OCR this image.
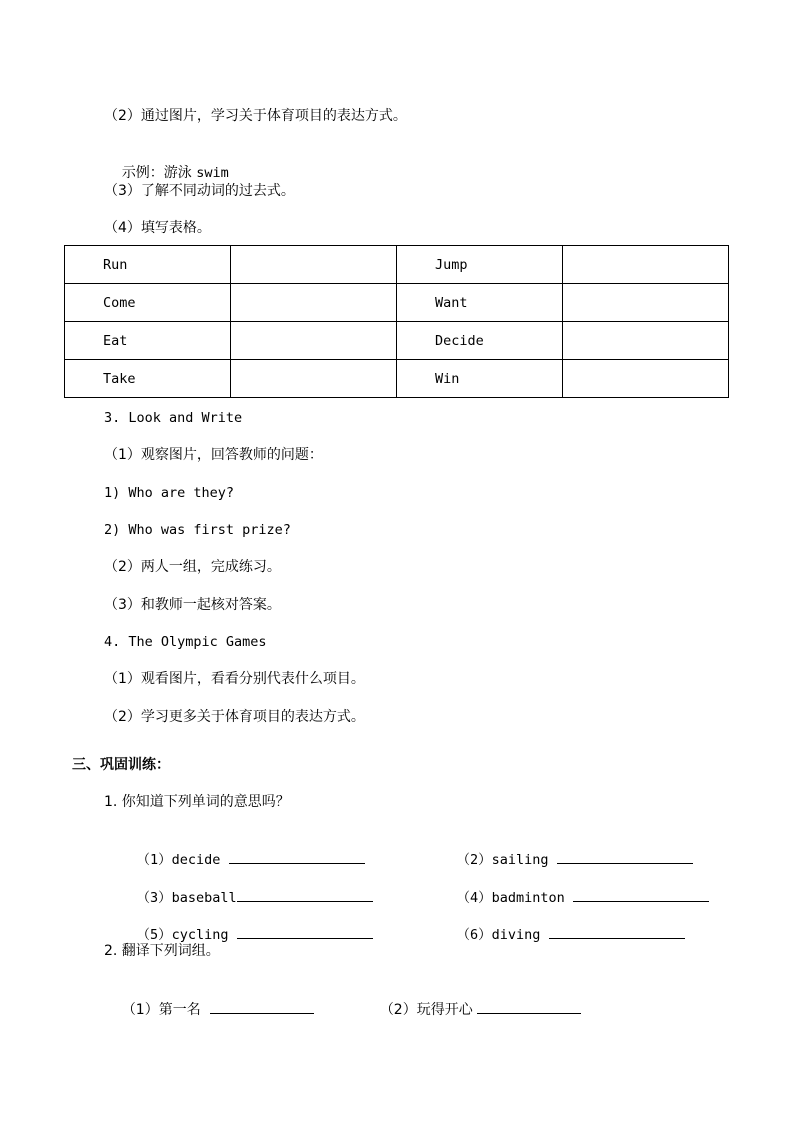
（2）通过图片，学习关于体育项目的表达方式。

示例：游泳 swim

（3）了解不同动词的过去式。
（4）填写表格。
Run		Jump	
Come		Want	
Eat		Decide	
Take		Win	
3. Look and Write
（1）观察图片，回答教师的问题：
1) Who are they?
2) Who was first prize?
（2）两人一组，完成练习。
（3）和教师一起核对答案。
4. The Olympic Games
（1）观看图片，看看分别代表什么项目。
（2）学习更多关于体育项目的表达方式。
三、巩固训练：
1. 你知道下列单词的意思吗？

（1）decide
	（2）sailing

（3）baseball
	（4）badminton

（5）cycling
	（6）diving

2. 翻译下列词组。

（1）第一名
	（2）玩得开心
